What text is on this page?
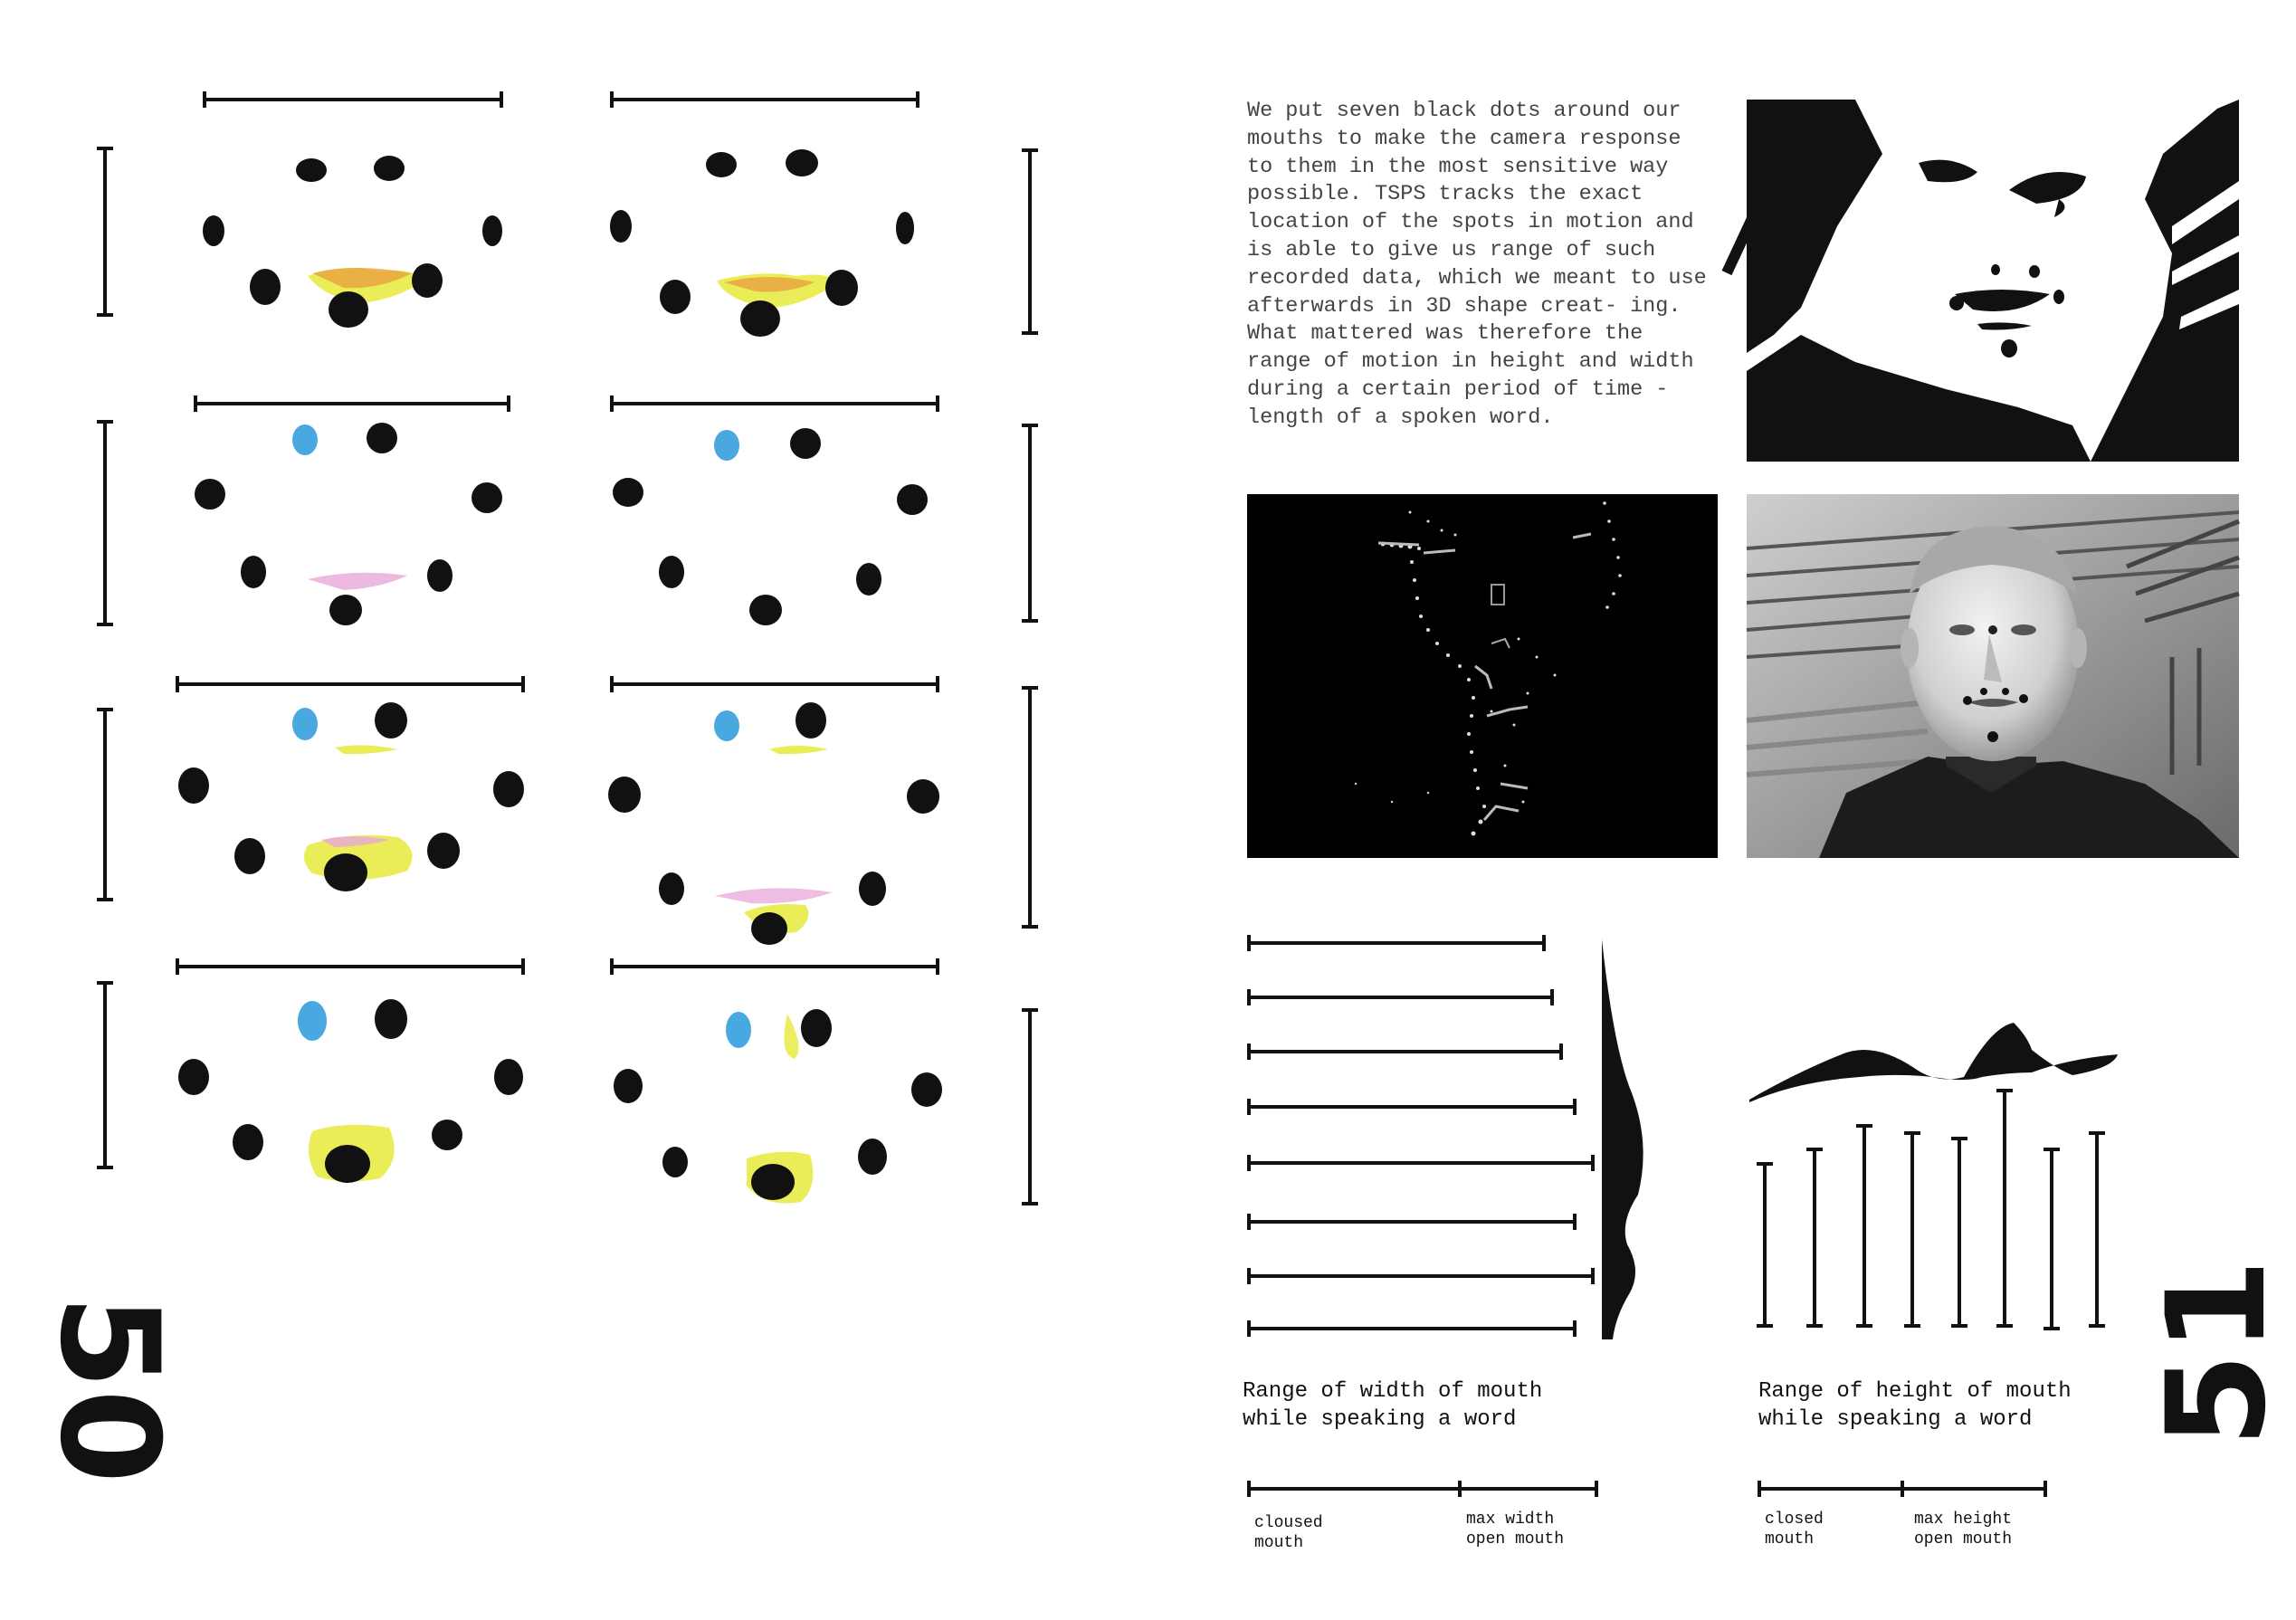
50	51

We put seven black dots around our mouths to make the camera response to them in the most sensitive way possible. TSPS tracks the exact location of the spots in motion and is able to give us range of such recorded data, which we meant to use afterwards in 3D shape creat- ing. What mattered was therefore the range of motion in height and width during a certain period of time - length of a spoken word.

Range of width of mouth while speaking a word

Range of height of mouth while speaking a word

cloused mouth

max width open mouth

closed mouth

max height open mouth
